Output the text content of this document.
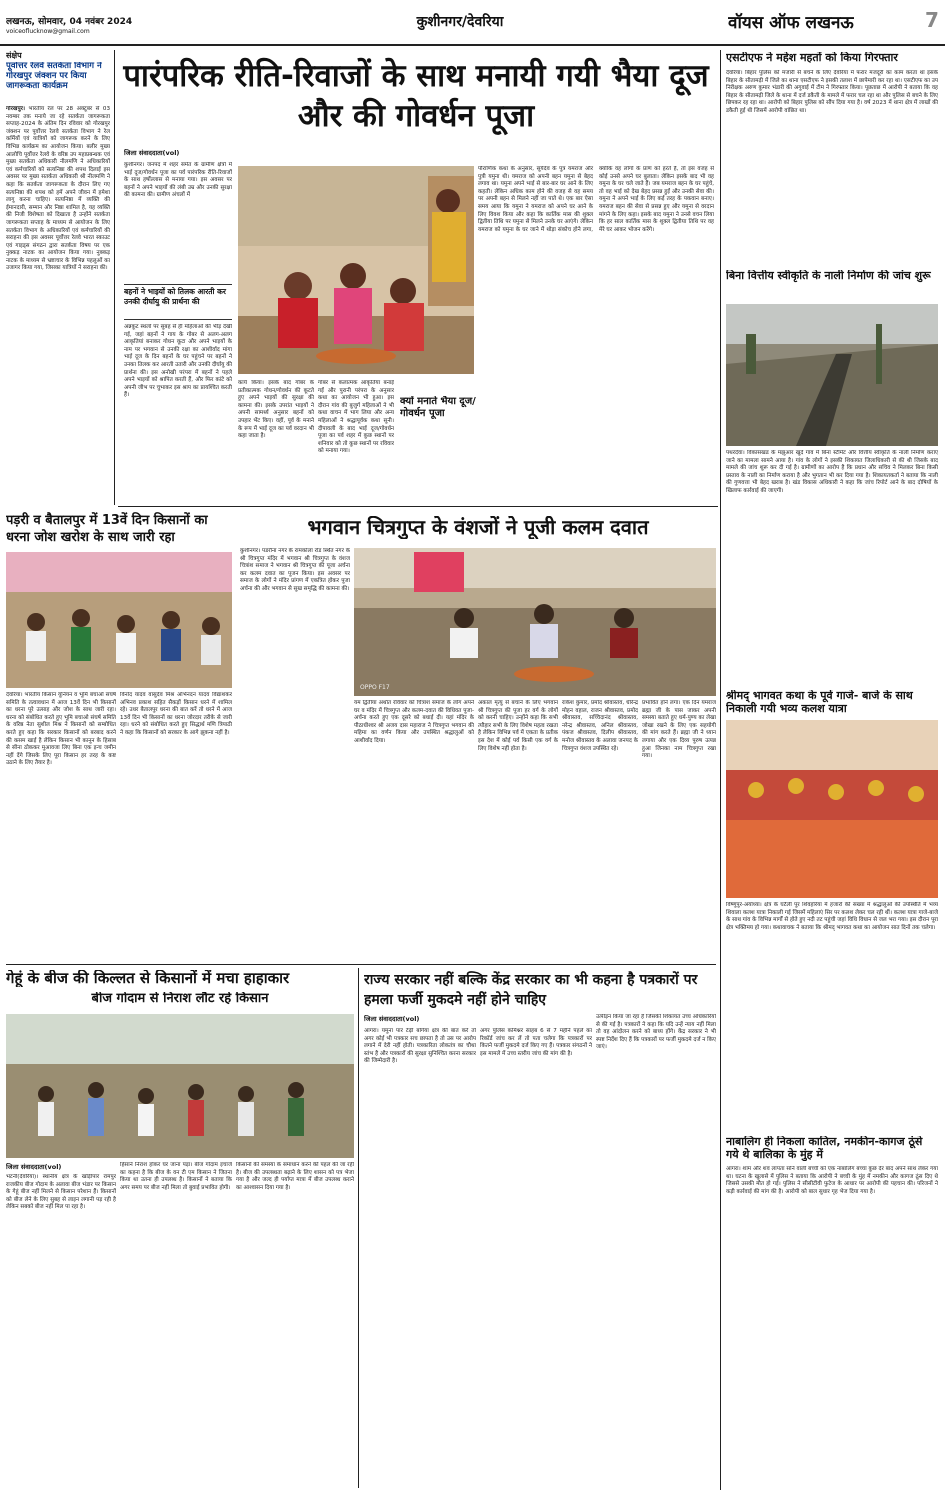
लखनऊ, सोमवार, 04 नवंबर 2024
voiceoflucknow@gmail.com
कुशीनगर/देवरिया	वॉयस ऑफ लखनऊ	7
संक्षेप
पूर्वोत्तर रेलवे सतर्कता विभाग ने गोरखपुर जंक्शन पर किया जागरूकता कार्यक्रम
गोरखपुर। भारतीय रेल पर 28 अक्टूबर से 03 नवम्बर तक मनाये जा रहे सतर्कता जागरूकता सप्ताह-2024 के अंतिम दिन रविवार को गोरखपुर जंक्शन पर पूर्वोत्तर रेलवे सतर्कता विभाग ने रेल कर्मियों एवं यात्रियों को जागरूक करने के लिए विभिन्न कार्यक्रम का आयोजन किया। बलीर मुख्य आलोचि पूर्वोत्तर रेलवे के वरिष्ठ उप महाप्रबन्धक एवं मुख्य सतर्कता अधिकारी नीलमणि ने अधिकारियों एवं कर्मचारियों को सत्यनिष्ठा की शपथ दिलाई इस अवसर पर मुख्य सतर्कता अधिकारी श्री नीलमणि ने कहा कि सतर्कता जागरूकता के दौरान लिए गए सत्यनिष्ठा की शपथ को हमें अपने जीवन में हमेशा लागू करना चाहिए। सत्यनिष्ठा में व्यक्ति की ईमानदारी, सम्मान और निष्ठा शामिल है, यह व्यक्ति की निजी विशेषता को दिखाता है उन्होंने सतर्कता जागरूकता सप्ताह के माध्यम से आयोजन के लिए सतर्कता विभाग के अधिकारियों एवं कर्मचारियों की सराहना की इस अवसर पूर्वोत्तर रेलवे भारत स्काउट एवं गाइड्स संगठन द्वारा सतर्कता विषय पर एक नुक्कड़ नाटक का आयोजन किया गया। नुक्कड़ नाटक के माध्यम से भ्रष्टाचार के विभिन्न पहलुओं का उजागर किया गया, जिसका यात्रियों ने सराहना की।
पारंपरिक रीति-रिवाजों के साथ मनायी गयी भैया दूज और की गोवर्धन पूजा
जिला संवाददाता(vol)
कुशीनगर। जनपद में शहर समेत के ग्रामीण क्षेत्रों में भाई दूज/गोवर्धन पूजा का पर्व पारंपरिक रीति-रिवाजों के साथ हर्षोल्लास से मनाया गया। इस अवसर पर बहनों ने अपने भाइयों की लंबी उम्र और उनकी सुरक्षा की कामना की। ग्रामीण अंचलों में
बहनों ने भाइयों को तिलक आरती कर उनकी दीर्घायु की प्रार्थना की
अन्नकूट स्थलों पर सुबह से ही महिलाओं की भीड़ देखी गई, जहां बहनों ने गाय के गोबर से अलग-अलग आकृतियां बनाकर गोधन कूटा और अपने भाइयों के नाम पर भगवान से उनकी रक्षा का आशीर्वाद मांगा भाई दूज के दिन बहनों के घर पहुंचने पर बहनों ने उनका तिलक कर आरती उतारी और उनकी दीर्घायु की प्रार्थना की। इस अनोखी परंपरा में बहनों ने पहले अपने भाइयों को श्रापित करती हैं, और फिर कांटे को अपनी जीभ पर चुभाकर इस श्राप का प्रायश्चित करती हैं।
कार्य किया। इसके बाद गोबर के प्रतीकात्मक गोधन/गोवर्धन की कूटते हुए अपने भाइयों की सुरक्षा की कामना की। इसके उपरांत भाइयों ने अपनी सामर्थ्य अनुसार बहनों को उपहार भेंट किए। वहीं, पूर्व के मनाने के रूप में भाई दूज का पर्व वरदान भी कहा जाता है।
गोबर से कलात्मक आकृतियां बनाई गईं और पुरानी परंपरा के अनुसार कथा का आयोजन भी हुआ। इस दौरान गांव की बुजुर्ग महिलाओं ने भी कथा वाचन में भाग लिया और अन्य महिलाओं ने श्रद्धापूर्वक कथा सुनी। दीपावली के बाद भाई दूज/गोवर्धन पूजा का पर्व शहर में कुछ स्थानों पर शनिवार को तो कुछ स्थानों पर रविवार को मनाया गया।
पौराणिक कथा के अनुसार, सूर्यदेव के पुत्र यमराज और पुत्री यमुना थी। यमराज को अपनी बहन यमुना से बेहद लगाव था। यमुना अपने भाई से बार-बार घर आने के लिए कहती। लेकिन अधिक काम होने की वजह से वह समय पर अपनी बहन से मिलने नहीं जा पाते थे। एक बार ऐसा समय आया कि यमुना ने यमराज को अपने घर आने के लिए विवश किया और कहा कि कार्तिक मास की शुक्ल द्वितीया तिथि पर यमुना से मिलने उनके घर आएंगे। लेकिन यमराज को यमुना के घर जाने में थोड़ा संकोच होने लगा, क्योंकि वह लोगों के प्राण को हरते हैं, तो इस वजह से कोई उनसे अपने घर बुलाता। लेकिन इसके बाद भी वह यमुना के घर चले जाते हैं। जब यमराज बहन के घर पहुंचे, तो वह भाई को देख बेहद प्रसन्न हुईं और उनकी सेवा की। यमुना ने अपने भाई के लिए कई तरह के पकवान बनाए। यमराज बहन की सेवा से प्रसन्न हुए और यमुना से वरदान मांगने के लिए कहा। इसके बाद यमुना ने उनसे वचन लिया कि हर साल कार्तिक मास के शुक्ल द्वितीया तिथि पर वह मेरे घर आकर भोजन करेंगे।
क्यों मनाते भैया दूज/ गोवर्धन पूजा
एसटीएफ ने महेश महतों को किया गिरफ्तार
देवरिया। बिहार पुलिस को मजारी से बचने के लिए देवरिया में फरार मजदूरी का काम करता था इसके बिहार के सीतामढ़ी में जिले का थाना एसटीएफ ने इसकी तलाश में छापेमारी कर रहा था। एसटीएफ का उप निरीक्षक अरुण कुमार भंडारी की अगुवाई में टीम ने गिरफ्तार किया। पूछताछ में आरोपी ने बताया कि वह बिहार के सीतामढ़ी जिले के थाना में दर्ज डकैती के मामले में फरार चल रहा था और पुलिस से बचने के लिए छिपकर रह रहा था। आरोपी को बिहार पुलिस को सौंप दिया गया है। वर्ष 2023 में थाना क्षेत्र में लाखों की डकैती हुई थी जिसमें आरोपी वांछित था।
बिना वित्तीय स्वीकृति के नाली निर्माण की जांच शुरू
पथरदेवा। विकासखंड के मझुआर खुर्द गांव में बिना स्टीमेट और वित्तीय स्वीकृति के नाली निर्माण कराए जाने का मामला सामने आया है। गांव के लोगों ने इसकी शिकायत जिलाधिकारी से की थी जिसके बाद मामले की जांच शुरू कर दी गई है। ग्रामीणों का आरोप है कि प्रधान और सचिव ने मिलकर बिना किसी प्रस्ताव के नाली का निर्माण कराया है और भुगतान भी कर दिया गया है। शिकायतकर्ता ने बताया कि नाली की गुणवत्ता भी बेहद खराब है। खंड विकास अधिकारी ने कहा कि जांच रिपोर्ट आने के बाद दोषियों के खिलाफ कार्रवाई की जाएगी।
श्रीमद् भागवत कथा के पूर्व गाजे- बाजे के साथ निकाली गयी भव्य कलश यात्रा
विष्णुपुर-अयोध्या। क्षेत्र के घटैली पुर शिवहरियां में हजारों की संख्या में श्रद्धालुओं की उपस्थिति में भव्य शिवाला कलश यात्रा निकाली गई जिसमें महिलाएं सिर पर कलश लेकर चल रही थीं। कलश यात्रा गाजे-बाजे के साथ गांव के विभिन्न मार्गों से होते हुए नदी तट पहुंची जहां विधि विधान से जल भरा गया। इस दौरान पूरा क्षेत्र भक्तिमय हो गया। कथावाचक ने बताया कि श्रीमद् भागवत कथा का आयोजन सात दिनों तक चलेगा।
नाबालिग ही निकला कातिल, नमकीन-कागज ठूंसे गये थे बालिका के मुंह में
आगरा। शाम और शव लापता सोने वाली बच्ची को एक नाबालिग बच्चा कुछ देर बाद अपने साथ लेकर गया था। घटना के खुलासे में पुलिस ने बताया कि आरोपी ने बच्ची के मुंह में नमकीन और कागज ठूंस दिए थे जिससे उसकी मौत हो गई। पुलिस ने सीसीटीवी फुटेज के आधार पर आरोपी की पहचान की। परिजनों ने कड़ी कार्रवाई की मांग की है। आरोपी को बाल सुधार गृह भेज दिया गया है।
पड़री व बैतालपुर में 13वें दिन किसानों का धरना जोश खरोश के साथ जारी रहा
देवरिया। भारतीय किसान यूनियन व भूमि बचाओ संघर्ष समिति के तत्वावधान में आज 13वें दिन भी किसानों का धरना पूरे उत्साह और जोश के साथ जारी रहा। धरना को संबोधित करते हुए भूमि बचाओ संघर्ष समिति के वरिष्ठ नेता सुशील मिश्र ने किसानों को सम्बोधित करते हुए कहा कि सरकार किसानों को बरबाद करने की कसम खाई है लेकिन किसान भी कानून के हिसाब से सीना ठोककर मुआवजा लिए बिना एक इन्च जमीन नहीं देंगे जिसके लिए पूरा किसान हर तरह के कष्ट उठाने के लिए तैयार है।
विनोद यादव वासुदेव मिश्र अभिनंदन यादव विद्याशंकर अभिनव प्रकाश सहित सैकड़ों किसान धरने में शामिल रहे। उधर बैतालपुर धरना की बात करें तो धरने में आज 13वें दिन भी किसानों का धरना जोरदार तरीके से जारी रहा। धरने को संबोधित करते हुए सिद्धार्थ मणि त्रिपाठी ने कहा कि किसानों को सरकार के आगे झुकना नहीं है।
भगवान चित्रगुप्त के वंशजों ने पूजी कलम दवात
कुशीनगर। पडरौना नगर के रामकोला रोड स्थित नगर के श्री चित्रगुप्त मंदिर में भगवान श्री चित्रगुप्त के वंशज चित्रांश समाज ने भगवान श्री चित्रगुप्त की पूजा अर्चना कर कलम दवात का पूजन किया। इस अवसर पर समाज के लोगों ने मंदिर प्रांगण में एकत्रित होकर पूजा अर्चना की और भगवान से सुख समृद्धि की कामना की।
OPPO F17
यम द्वितीया अर्थात रविवार को चित्रांश समाज के लोग अपने घर व मंदिर में चित्रगुप्त और कलम-दवात की विधिवत पूजा-अर्चना करते हुए एक दूसरे को बधाई दी। यहां मंदिर के पीठाधीश्वर श्री अजय दास महाराज ने चित्रगुप्त भगवान की महिमा का वर्णन किया और उपस्थित श्रद्धालुओं को आशीर्वाद दिया।
अकाल मृत्यु से बचाने के लिए भगवान श्री चित्रगुप्त की पूजा हर वर्ग के लोगों को करनी चाहिए। उन्होंने कहा कि सभी त्यौहार सभी के लिए विशेष महत्व रखता है लेकिन विभिन्न पर्व में एकता के प्रतीक इस देश में कोई पर्व किसी एक वर्ग के लिए विशेष नहीं होता है।
राकेश कुमार, प्रमोद श्रीवास्तव, धीरेन्द्र मोहन वहाल, राजन श्रीवास्तव, प्रमोद श्रीवास्तव, सच्चिदानंद श्रीवास्तव, नरेन्द्र श्रीवास्तव, अनिल श्रीवास्तव, पंकज श्रीवास्तव, दिलीप श्रीवास्तव, मनोज श्रीवास्तव के अलावा जनपद के चित्रगुप्त वंशज उपस्थित रहे।
प्रभावित होने लगा। एक दिन यमराज ब्रह्मा जी के पास जाकर अपनी समस्या बताते हुए धर्म-पुण्य का लेखा जोखा रखने के लिए एक सहयोगी की मांग करते हैं। ब्रह्मा जी ने ध्यान लगाया और एक दिव्य पुरुष उत्पन्न हुआ जिनका नाम चित्रगुप्त रखा गया।
गेहूं के बीज की किल्लत से किसानों में मचा हाहाकार
बीज गोदाम से निराश लौट रहे किसान
जिला संवाददाता(vol)
भटनी(देवरिया)। स्थानीय क्षेत्र के खोड़ीपार रामपुर राजकीय बीज गोदाम के अलावा बीज भंडार पर किसान के गेहूं बीज नहीं मिलने से किसान परेशान हैं। किसानों को बीज लेने के लिए सुबह से लाइन लगानी पड़ रही है लेकिन सबको बीज नहीं मिल पा रहा है।
हिंसाने निराश होकर घर जाना पड़ा। बीज गोदाम इंचार्ज का कहना है कि बीज के वन टी एम किसान ने जितना किया था उतना ही उपलब्ध है। किसानों ने बताया कि अगर समय पर बीज नहीं मिला तो बुवाई प्रभावित होगी।
किसानों की समस्या के समाधान करने की पहल की जा रही है। बीज की उपलब्धता बढ़ाने के लिए शासन को पत्र भेजा गया है और जल्द ही पर्याप्त मात्रा में बीज उपलब्ध कराने का आश्वासन दिया गया है।
राज्य सरकार नहीं बल्कि केंद्र सरकार का भी कहना है पत्रकारों पर हमला फर्जी मुकदमे नहीं होने चाहिए
जिला संवाददाता(vol)
आगरा। यमुना पार टेढ़ी बगिया क्षेत्र की बात करें तो अगर कोई भी पत्रकार सच छापता है तो उस पर आरोप लगाने में देरी नहीं होती। पत्रकारिता लोकतंत्र का चौथा स्तंभ है और पत्रकारों की सुरक्षा सुनिश्चित करना सरकार की जिम्मेदारी है।
अगर पुलिस कमिश्नर साहब 6 से 7 महीने पहले का रिकॉर्ड जांच कर लें तो पता चलेगा कि पत्रकारों पर कितने फर्जी मुकदमे दर्ज किए गए हैं। पत्रकार संगठनों ने इस मामले में उच्च स्तरीय जांच की मांग की है।
उत्पीड़न किया जा रहा है जिसकी शिकायत उच्च अधिकारियों से की गई है। पत्रकारों ने कहा कि यदि उन्हें न्याय नहीं मिला तो वह आंदोलन करने को बाध्य होंगे। केंद्र सरकार ने भी स्पष्ट निर्देश दिए हैं कि पत्रकारों पर फर्जी मुकदमे दर्ज न किए जाएं।
